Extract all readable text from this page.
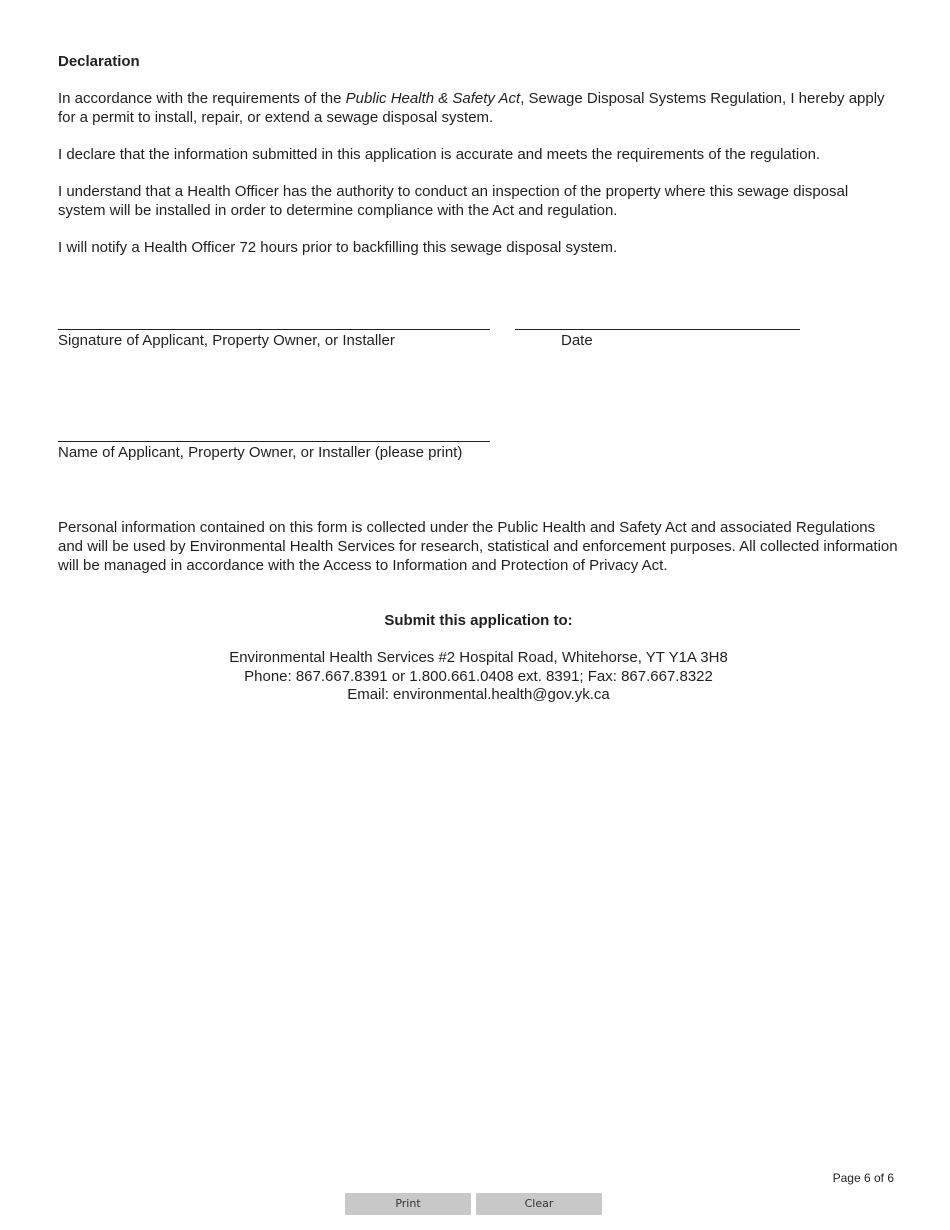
Declaration

In accordance with the requirements of the Public Health & Safety Act, Sewage Disposal Systems Regulation, I hereby apply for a permit to install, repair, or extend a sewage disposal system.

I declare that the information submitted in this application is accurate and meets the requirements of the regulation.

I understand that a Health Officer has the authority to conduct an inspection of the property where this sewage disposal system will be installed in order to determine compliance with the Act and regulation.

I will notify a Health Officer 72 hours prior to backfilling this sewage disposal system.

Signature of Applicant, Property Owner, or Installer	Date
Name of Applicant, Property Owner, or Installer (please print)

Personal information contained on this form is collected under the Public Health and Safety Act and associated Regulations and will be used by Environmental Health Services for research, statistical and enforcement purposes. All collected information will be managed in accordance with the Access to Information and Protection of Privacy Act.

Submit this application to:
Environmental Health Services #2 Hospital Road, Whitehorse, YT Y1A 3H8
Phone: 867.667.8391 or 1.800.661.0408 ext. 8391; Fax: 867.667.8322
Email: environmental.health@gov.yk.ca
Page 6 of 6
Print	Clear
